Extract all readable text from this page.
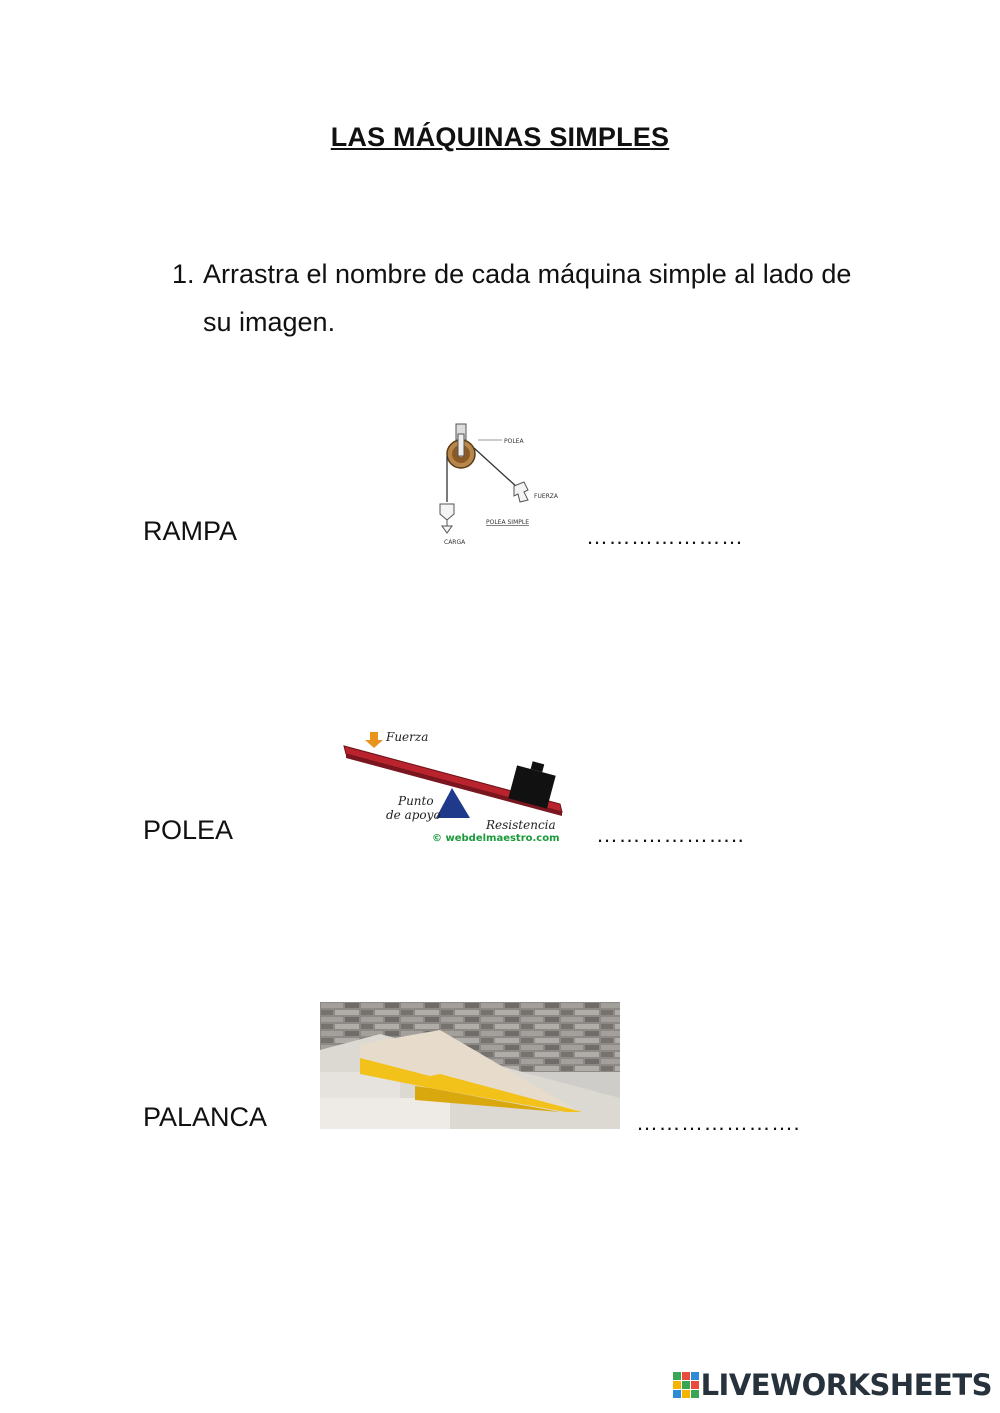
LAS MÁQUINAS SIMPLES
1. Arrastra el nombre de cada máquina simple al lado de su imagen.
RAMPA
POLEA
FUERZA
POLEA SIMPLE
CARGA	…………………
POLEA
Fuerza
Punto
de apoyo
Resistencia
© webdelmaestro.com ………………..
PALANCA	………………….
LIVEWORKSHEETS
